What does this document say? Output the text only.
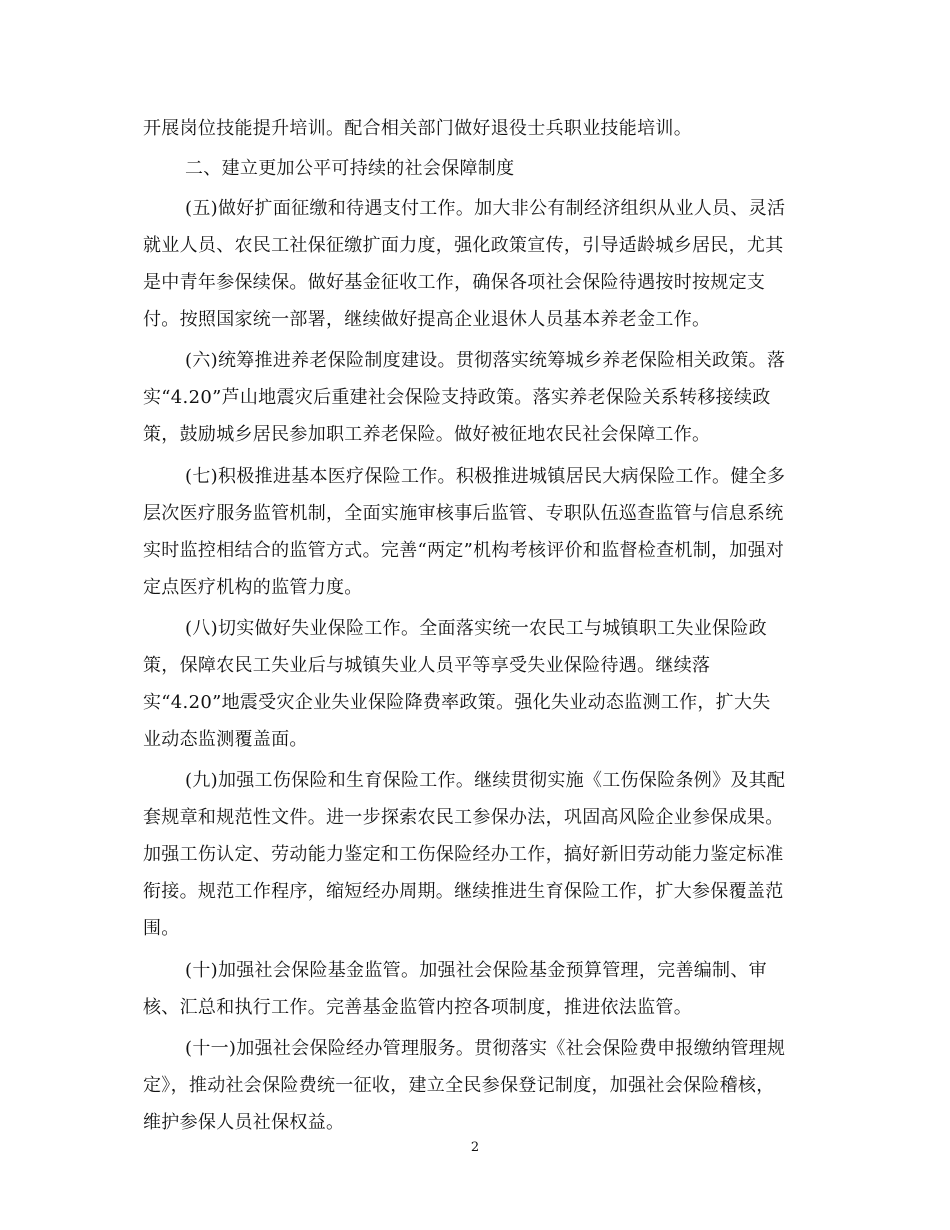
开展岗位技能提升培训。配合相关部门做好退役士兵职业技能培训。
二、建立更加公平可持续的社会保障制度
(五)做好扩面征缴和待遇支付工作。加大非公有制经济组织从业人员、灵活
就业人员、农民工社保征缴扩面力度，强化政策宣传，引导适龄城乡居民，尤其
是中青年参保续保。做好基金征收工作，确保各项社会保险待遇按时按规定支
付。按照国家统一部署，继续做好提高企业退休人员基本养老金工作。
(六)统筹推进养老保险制度建设。贯彻落实统筹城乡养老保险相关政策。落
实“4.20”芦山地震灾后重建社会保险支持政策。落实养老保险关系转移接续政
策，鼓励城乡居民参加职工养老保险。做好被征地农民社会保障工作。
(七)积极推进基本医疗保险工作。积极推进城镇居民大病保险工作。健全多
层次医疗服务监管机制，全面实施审核事后监管、专职队伍巡查监管与信息系统
实时监控相结合的监管方式。完善“两定”机构考核评价和监督检查机制，加强对
定点医疗机构的监管力度。
(八)切实做好失业保险工作。全面落实统一农民工与城镇职工失业保险政
策，保障农民工失业后与城镇失业人员平等享受失业保险待遇。继续落
实“4.20”地震受灾企业失业保险降费率政策。强化失业动态监测工作，扩大失
业动态监测覆盖面。
(九)加强工伤保险和生育保险工作。继续贯彻实施《工伤保险条例》及其配
套规章和规范性文件。进一步探索农民工参保办法，巩固高风险企业参保成果。
加强工伤认定、劳动能力鉴定和工伤保险经办工作，搞好新旧劳动能力鉴定标准
衔接。规范工作程序，缩短经办周期。继续推进生育保险工作，扩大参保覆盖范
围。
(十)加强社会保险基金监管。加强社会保险基金预算管理，完善编制、审
核、汇总和执行工作。完善基金监管内控各项制度，推进依法监管。
(十一)加强社会保险经办管理服务。贯彻落实《社会保险费申报缴纳管理规
定》，推动社会保险费统一征收，建立全民参保登记制度，加强社会保险稽核，
维护参保人员社保权益。
2
